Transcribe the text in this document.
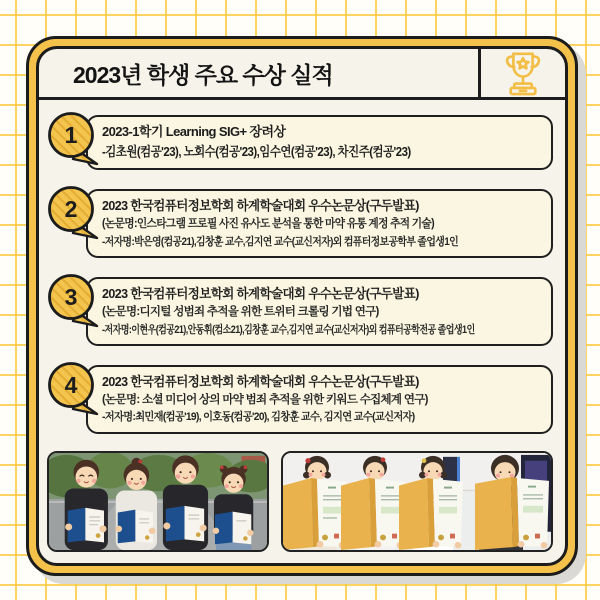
2023년 학생 주요 수상 실적
1	2023-1학기 Learning SIG+ 장려상
-김초원(컴공'23), 노회수(컴공'23),임수연(컴공'23), 차진주(컴공'23)
2	2023 한국컴퓨터정보학회 하계학술대회 우수논문상(구두발표)
(논문명:인스타그램 프로필 사진 유사도 분석을 통한 마약 유통 계정 추적 기술)
-저자명:박은영(컴공21),김창훈 교수,김지연 교수(교신저자)외 컴퓨터정보공학부 졸업생1인
3	2023 한국컴퓨터정보학회 하계학술대회 우수논문상(구두발표)
(논문명:디지털 성범죄 추적을 위한 트위터 크롤링 기법 연구)
-저자명:이현우(컴공21),안동휘(컴소21),김창훈 교수,김지연 교수(교신저자)외 컴퓨터공학전공 졸업생1인
4	2023 한국컴퓨터정보학회 하계학술대회 우수논문상(구두발표)
(논문명: 소셜 미디어 상의 마약 범죄 추적을 위한 키워드 수집체계 연구)
-저자명:최민재(컴공'19), 이호동(컴공'20), 김창훈 교수, 김지연 교수(교신저자)
